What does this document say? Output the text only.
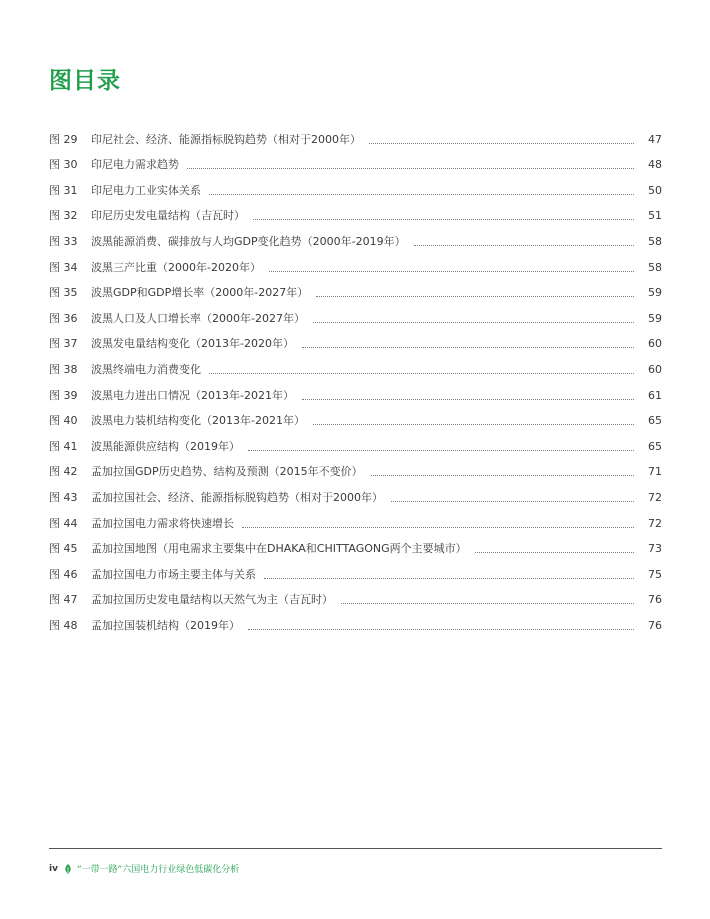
图目录
图 29	印尼社会、经济、能源指标脱钩趋势（相对于2000年）	47
图 30	印尼电力需求趋势	48
图 31	印尼电力工业实体关系	50
图 32	印尼历史发电量结构（吉瓦时）	51
图 33	波黑能源消费、碳排放与人均GDP变化趋势（2000年-2019年）	58
图 34	波黑三产比重（2000年-2020年）	58
图 35	波黑GDP和GDP增长率（2000年-2027年）	59
图 36	波黑人口及人口增长率（2000年-2027年）	59
图 37	波黑发电量结构变化（2013年-2020年）	60
图 38	波黑终端电力消费变化	60
图 39	波黑电力进出口情况（2013年-2021年）	61
图 40	波黑电力装机结构变化（2013年-2021年）	65
图 41	波黑能源供应结构（2019年）	65
图 42	孟加拉国GDP历史趋势、结构及预测（2015年不变价）	71
图 43	孟加拉国社会、经济、能源指标脱钩趋势（相对于2000年）	72
图 44	孟加拉国电力需求将快速增长	72
图 45	孟加拉国地图（用电需求主要集中在DHAKA和CHITTAGONG两个主要城市）	73
图 46	孟加拉国电力市场主要主体与关系	75
图 47	孟加拉国历史发电量结构以天然气为主（吉瓦时）	76
图 48	孟加拉国装机结构（2019年）	76
iv “一带一路”六国电力行业绿色低碳化分析
